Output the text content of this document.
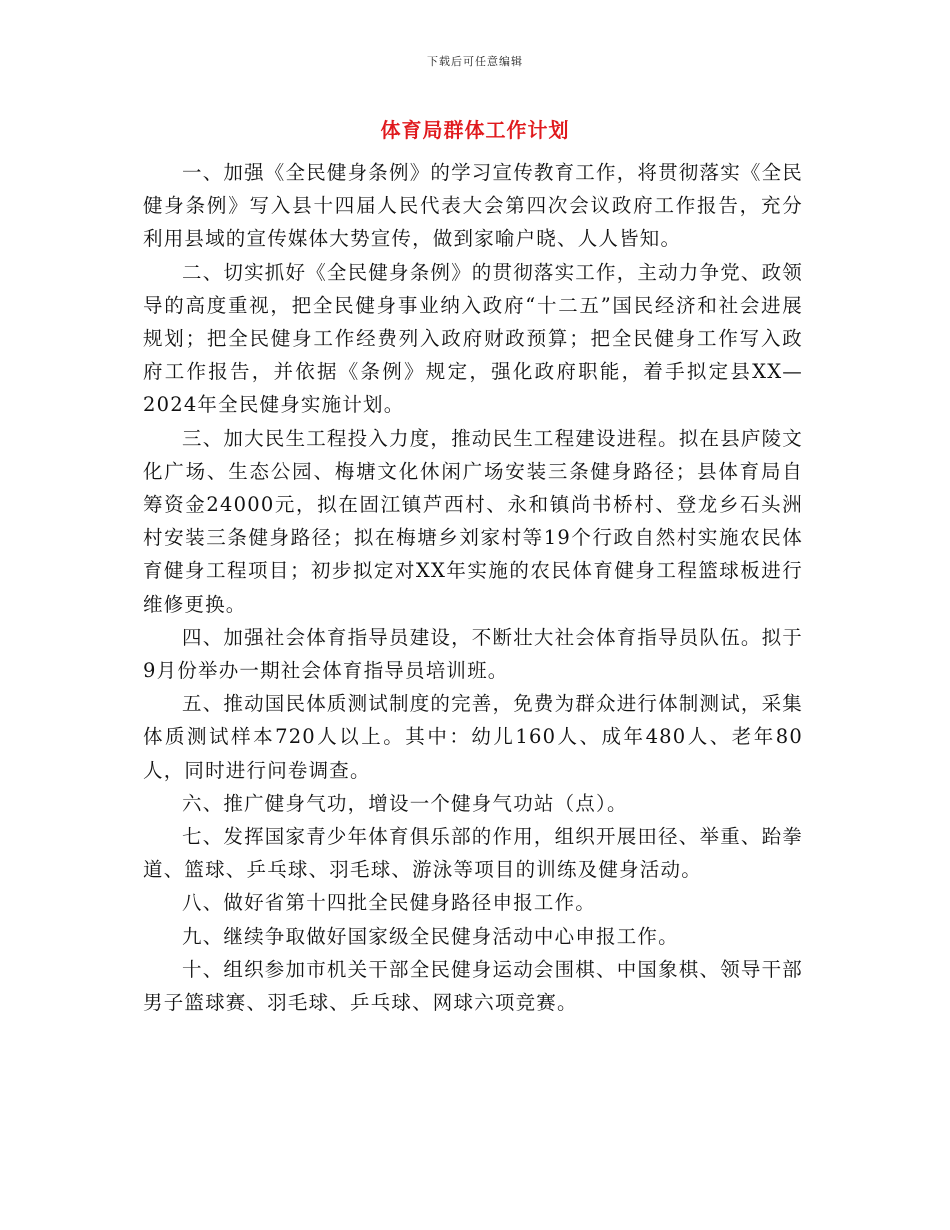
下载后可任意编辑
体育局群体工作计划

一、加强《全民健身条例》的学习宣传教育工作，将贯彻落实《全民健身条例》写入县十四届人民代表大会第四次会议政府工作报告，充分利用县域的宣传媒体大势宣传，做到家喻户晓、人人皆知。

二、切实抓好《全民健身条例》的贯彻落实工作，主动力争党、政领导的高度重视，把全民健身事业纳入政府“十二五”国民经济和社会进展规划；把全民健身工作经费列入政府财政预算；把全民健身工作写入政府工作报告，并依据《条例》规定，强化政府职能，着手拟定县XX—2024年全民健身实施计划。

三、加大民生工程投入力度，推动民生工程建设进程。拟在县庐陵文化广场、生态公园、梅塘文化休闲广场安装三条健身路径；县体育局自筹资金24000元，拟在固江镇芦西村、永和镇尚书桥村、登龙乡石头洲村安装三条健身路径；拟在梅塘乡刘家村等19个行政自然村实施农民体育健身工程项目；初步拟定对XX年实施的农民体育健身工程篮球板进行维修更换。

四、加强社会体育指导员建设，不断壮大社会体育指导员队伍。拟于9月份举办一期社会体育指导员培训班。

五、推动国民体质测试制度的完善，免费为群众进行体制测试，采集体质测试样本720人以上。其中：幼儿160人、成年480人、老年80人，同时进行问卷调查。

六、推广健身气功，增设一个健身气功站（点）。

七、发挥国家青少年体育俱乐部的作用，组织开展田径、举重、跆拳道、篮球、乒乓球、羽毛球、游泳等项目的训练及健身活动。

八、做好省第十四批全民健身路径申报工作。

九、继续争取做好国家级全民健身活动中心申报工作。

十、组织参加市机关干部全民健身运动会围棋、中国象棋、领导干部男子篮球赛、羽毛球、乒乓球、网球六项竞赛。
